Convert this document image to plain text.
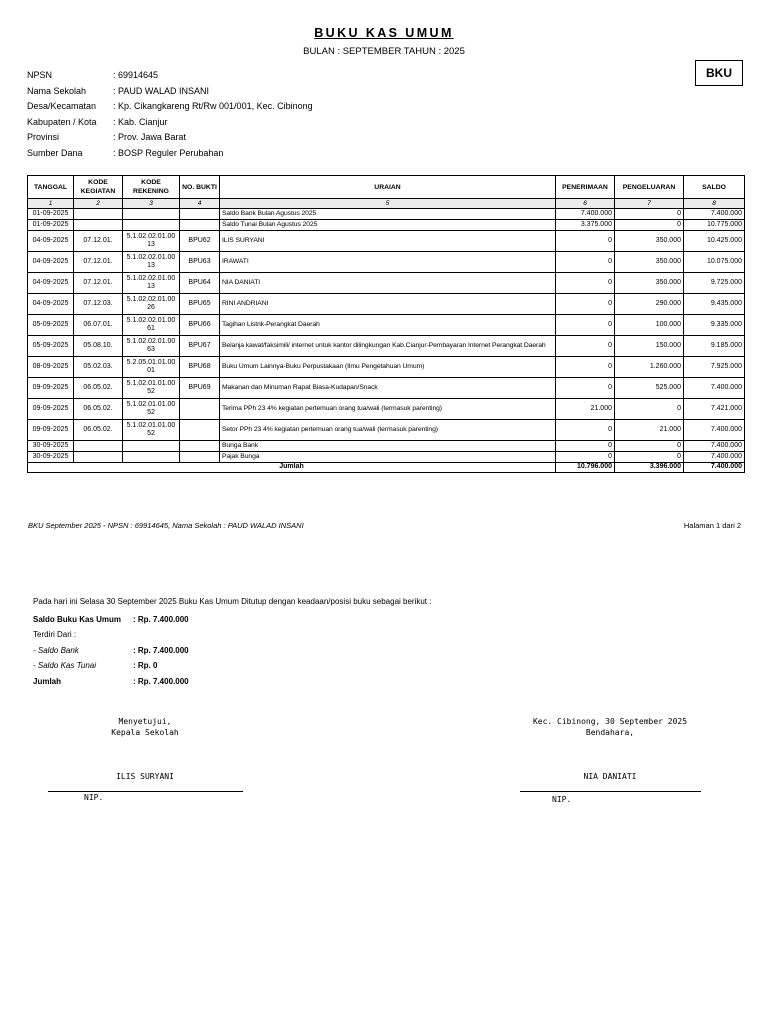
BUKU KAS UMUM
BULAN : SEPTEMBER TAHUN : 2025
BKU
NPSN	: 69914645
Nama Sekolah	: PAUD WALAD INSANI
Desa/Kecamatan	: Kp. Cikangkareng Rt/Rw 001/001, Kec. Cibinong
Kabupaten / Kota	: Kab. Cianjur
Provinsi	: Prov. Jawa Barat
Sumber Dana	: BOSP Reguler Perubahan
TANGGAL	KODE KEGIATAN	KODE REKENING	NO. BUKTI	URAIAN	PENERIMAAN	PENGELUARAN	SALDO
1	2	3	4	5	6	7	8
01-09-2025				Saldo Bank Bulan Agustus 2025	7.400.000	0	7.400.000
01-09-2025				Saldo Tunai Bulan Agustus 2025	3.375.000	0	10.775.000
04-09-2025	07.12.01.	5.1.02.02.01.00 13	BPU62	ILIS SURYANI	0	350.000	10.425.000
04-09-2025	07.12.01.	5.1.02.02.01.00 13	BPU63	IRAWATI	0	350.000	10.075.000
04-09-2025	07.12.01.	5.1.02.02.01.00 13	BPU64	NIA DANIATI	0	350.000	9.725.000
04-09-2025	07.12.03.	5.1.02.02.01.00 26	BPU65	RINI ANDRIANI	0	290.000	9.435.000
05-09-2025	06.07.01.	5.1.02.02.01.00 61	BPU66	Tagihan Listrik-Perangkat Daerah	0	100.000	9.335.000
05-09-2025	05.08.10.	5.1.02.02.01.00 63	BPU67	Belanja kawat/faksimili/ internet untuk kantor dilingkungan Kab.Cianjur-Pembayaran Internet Perangkat Daerah	0	150.000	9.185.000
08-09-2025	05.02.03.	5.2.05.01.01.00 01	BPU68	Buku Umum Lainnya-Buku Perpustakaan (Ilmu Pengetahuan Umum)	0	1.260.000	7.925.000
09-09-2025	06.05.02.	5.1.02.01.01.00 52	BPU69	Makanan dan Minuman Rapat Biasa-Kudapan/Snack	0	525.000	7.400.000
09-09-2025	06.05.02.	5.1.02.01.01.00 52		Terima PPh 23 4% kegiatan pertemuan orang tua/wali (termasuk parenting)	21.000	0	7.421.000
09-09-2025	06.05.02.	5.1.02.01.01.00 52		Setor PPh 23 4% kegiatan pertemuan orang tua/wali (termasuk parenting)	0	21.000	7.400.000
30-09-2025				Bunga Bank	0	0	7.400.000
30-09-2025				Pajak Bunga	0	0	7.400.000
Jumlah					10.796.000	3.396.000	7.400.000
BKU September 2025 - NPSN : 69914645, Nama Sekolah : PAUD WALAD INSANI	Halaman 1 dari 2
Pada hari ini Selasa 30 September 2025 Buku Kas Umum Ditutup dengan keadaan/posisi buku sebagai berikut :
Saldo Buku Kas Umum : Rp. 7.400.000
Terdiri Dari :
- Saldo Bank	: Rp. 7.400.000
- Saldo Kas Tunai	: Rp. 0
Jumlah	: Rp. 7.400.000
Menyetujui,
Kepala Sekolah
ILIS SURYANI
NIP.
Kec. Cibinong, 30 September 2025
Bendahara,
NIA DANIATI
NIP.
